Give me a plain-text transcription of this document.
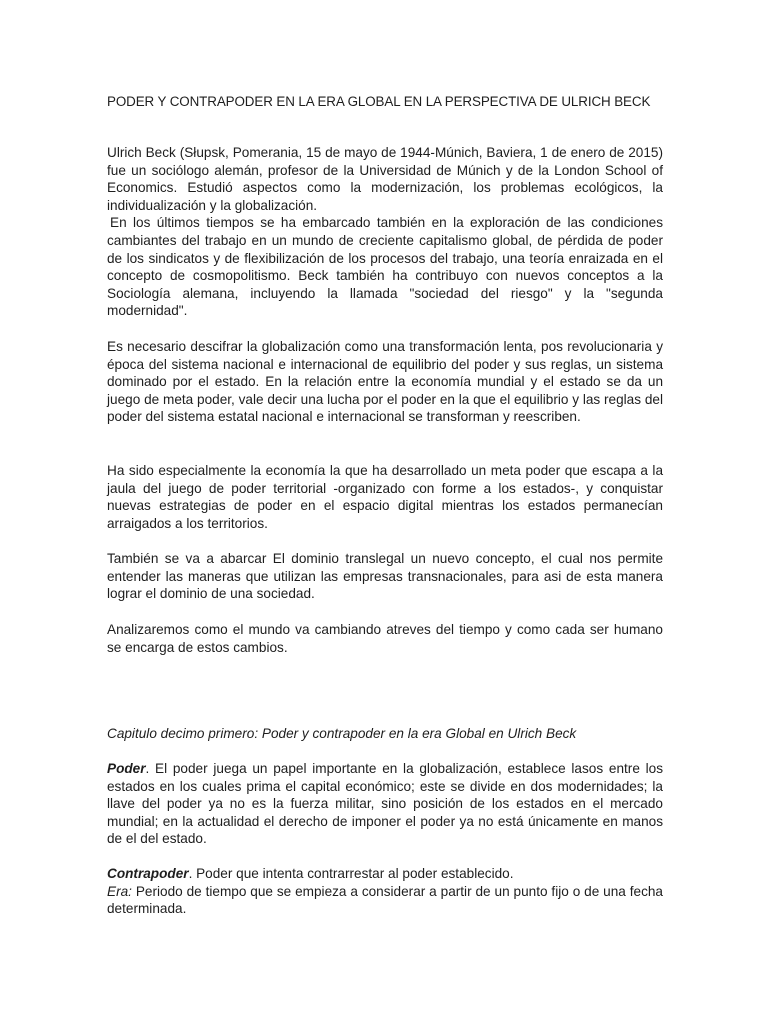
PODER Y CONTRAPODER EN LA ERA GLOBAL EN LA PERSPECTIVA DE ULRICH BECK

Ulrich Beck (Słupsk, Pomerania, 15 de mayo de 1944-Múnich, Baviera, 1 de enero de 2015) fue un sociólogo alemán, profesor de la Universidad de Múnich y de la London School of Economics. Estudió aspectos como la modernización, los problemas ecológicos, la individualización y la globalización.

En los últimos tiempos se ha embarcado también en la exploración de las condiciones cambiantes del trabajo en un mundo de creciente capitalismo global, de pérdida de poder de los sindicatos y de flexibilización de los procesos del trabajo, una teoría enraizada en el concepto de cosmopolitismo. Beck también ha contribuyo con nuevos conceptos a la Sociología alemana, incluyendo la llamada "sociedad del riesgo" y la "segunda modernidad".

Es necesario descifrar la globalización como una transformación lenta, pos revolucionaria y época del sistema nacional e internacional de equilibrio del poder y sus reglas, un sistema dominado por el estado. En la relación entre la economía mundial y el estado se da un juego de meta poder, vale decir una lucha por el poder en la que el equilibrio y las reglas del poder del sistema estatal nacional e internacional se transforman y reescriben.

Ha sido especialmente la economía la que ha desarrollado un meta poder que escapa a la jaula del juego de poder territorial -organizado con forme a los estados-, y conquistar nuevas estrategias de poder en el espacio digital mientras los estados permanecían arraigados a los territorios.

También se va a abarcar El dominio translegal un nuevo concepto, el cual nos permite entender las maneras que utilizan las empresas transnacionales, para asi de esta manera lograr el dominio de una sociedad.

Analizaremos como el mundo va cambiando atreves del tiempo y como cada ser humano se encarga de estos cambios.

Capitulo decimo primero: Poder y contrapoder en la era Global en Ulrich Beck

Poder. El poder juega un papel importante en la globalización, establece lasos entre los estados en los cuales prima el capital económico; este se divide en dos modernidades; la llave del poder ya no es la fuerza militar, sino posición de los estados en el mercado mundial; en la actualidad el derecho de imponer el poder ya no está únicamente en manos de el del estado.

Contrapoder. Poder que intenta contrarrestar al poder establecido.

Era: Periodo de tiempo que se empieza a considerar a partir de un punto fijo o de una fecha determinada.
